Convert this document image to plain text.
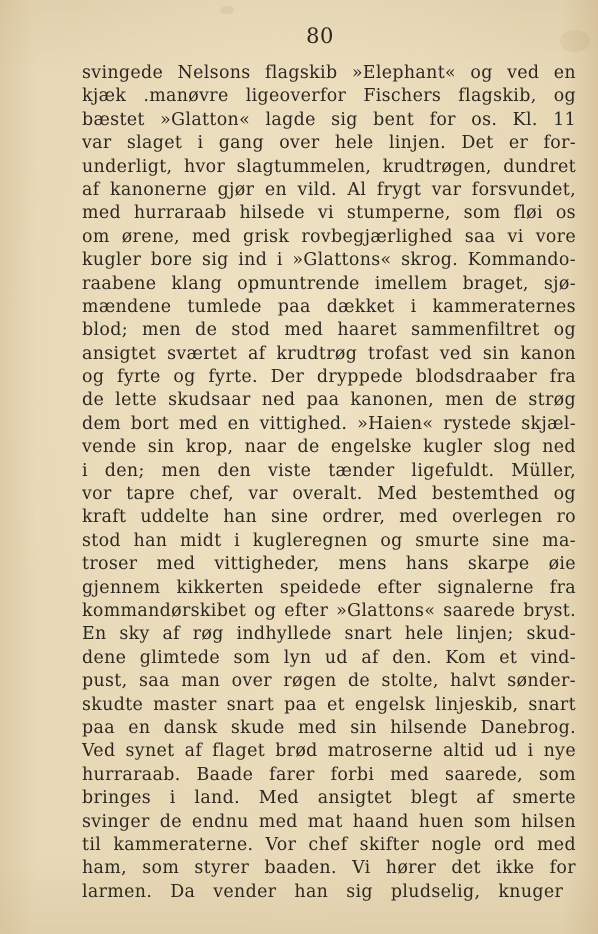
80
svingede Nelsons flagskib »Elephant« og ved en
kjæk .manøvre ligeoverfor Fischers flagskib, og
bæstet »Glatton« lagde sig bent for os. Kl. 11
var slaget i gang over hele linjen. Det er for-
underligt, hvor slagtummelen, krudtrøgen, dundret
af kanonerne gjør en vild. Al frygt var forsvundet,
med hurraraab hilsede vi stumperne, som fløi os
om ørene, med grisk rovbegjærlighed saa vi vore
kugler bore sig ind i »Glattons« skrog. Kommando-
raabene klang opmuntrende imellem braget, sjø-
mændene tumlede paa dækket i kammeraternes
blod; men de stod med haaret sammenfiltret og
ansigtet sværtet af krudtrøg trofast ved sin kanon
og fyrte og fyrte. Der dryppede blodsdraaber fra
de lette skudsaar ned paa kanonen, men de strøg
dem bort med en vittighed. »Haien« rystede skjæl-
vende sin krop, naar de engelske kugler slog ned
i den; men den viste tænder ligefuldt. Müller,
vor tapre chef, var overalt. Med bestemthed og
kraft uddelte han sine ordrer, med overlegen ro
stod han midt i kugleregnen og smurte sine ma-
troser med vittigheder, mens hans skarpe øie
gjennem kikkerten speidede efter signalerne fra
kommandørskibet og efter »Glattons« saarede bryst.
En sky af røg indhyllede snart hele linjen; skud-
dene glimtede som lyn ud af den. Kom et vind-
pust, saa man over røgen de stolte, halvt sønder-
skudte master snart paa et engelsk linjeskib, snart
paa en dansk skude med sin hilsende Danebrog.
Ved synet af flaget brød matroserne altid ud i nye
hurraraab. Baade farer forbi med saarede, som
bringes i land. Med ansigtet blegt af smerte
svinger de endnu med mat haand huen som hilsen
til kammeraterne. Vor chef skifter nogle ord med
ham, som styrer baaden. Vi hører det ikke for
larmen. Da vender han sig pludselig, knuger
